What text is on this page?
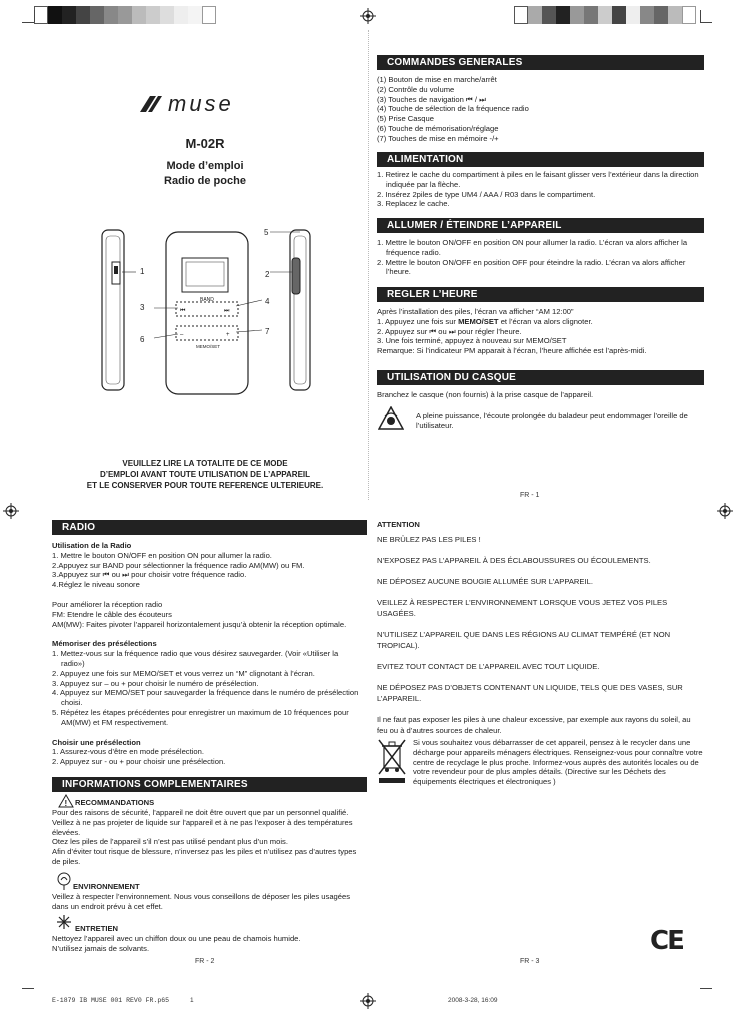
muse
M-02R
Mode d’emploi
Radio de poche
BAND
MEMO/SET
⏮	⏭
–	+
1	2
3
4
5
6
7
VEUILLEZ LIRE LA TOTALITE DE CE MODE
D’EMPLOI AVANT TOUTE UTILISATION DE L’APPAREIL
ET LE CONSERVER POUR TOUTE REFERENCE ULTERIEURE.
COMMANDES GENERALES

(1) Bouton de mise en marche/arrêt

(2) Contrôle du volume

(3) Touches de navigation ⏮ / ⏭

(4) Touche de sélection de la fréquence radio

(5) Prise Casque

(6) Touche de mémorisation/réglage

(7) Touches de mise en mémoire -/+

ALIMENTATION

1. Retirez le cache du compartiment à piles en le faisant glisser vers l’extérieur dans la direction indiquée par la flèche.

2. Insérez 2piles de type UM4 / AAA / R03 dans le compartiment.

3. Replacez le cache.

ALLUMER / ÉTEINDRE L’APPAREIL

1. Mettre le bouton ON/OFF en position ON pour allumer la radio. L’écran va alors afficher la fréquence radio.

2. Mettre le bouton ON/OFF en position OFF pour éteindre la radio. L’écran va alors afficher l’heure.

REGLER L’HEURE

Après l’installation des piles, l’écran va afficher “AM 12:00”

1. Appuyez une fois sur MEMO/SET et l’écran va alors clignoter.

2. Appuyez sur ⏮ ou ⏭ pour régler l’heure.

3. Une fois terminé, appuyez à nouveau sur MEMO/SET

Remarque: Si l’indicateur PM apparait à l’écran, l’heure affichée est l’après-midi.

UTILISATION DU CASQUE
Branchez le casque (non fournis) à la prise casque de l’appareil.
A pleine puissance, l’écoute prolongée du baladeur peut endommager l’oreille de l’utilisateur.
FR - 1
RADIO

Utilisation de la Radio

1. Mettre le bouton ON/OFF en position ON pour allumer la radio.

2.Appuyez sur BAND pour sélectionner la fréquence radio AM(MW) ou FM.

3.Appuyez sur ⏮ ou ⏭ pour choisir votre fréquence radio.

4.Réglez le niveau sonore

Pour améliorer la réception radio

FM: Etendre le câble des écouteurs

AM(MW): Faites pivoter l’appareil horizontalement jusqu’à obtenir la réception optimale.

Mémoriser des présélections

1. Mettez-vous sur la fréquence radio que vous désirez sauvegarder. (Voir «Utiliser la radio»)

2. Appuyez une fois sur MEMO/SET et vous verrez un “M” clignotant à l’écran.

3. Appuyez sur – ou + pour choisir le numéro de présélection.

4. Appuyez sur MEMO/SET pour sauvegarder la fréquence dans le numéro de présélection choisi.

5. Répétez les étapes précédentes pour enregistrer un maximum de 10 fréquences pour AM(MW) et FM respectivement.

Choisir une présélection

1. Assurez-vous d’être en mode présélection.

2. Appuyez sur - ou + pour choisir une présélection.

INFORMATIONS COMPLEMENTAIRES
! RECOMMANDATIONS

Pour des raisons de sécurité, l’appareil ne doit être ouvert que par un personnel qualifié.

Veillez à ne pas projeter de liquide sur l’appareil et à ne pas l’exposer à des températures élevées.

Otez les piles de l’appareil s’il n’est pas utilisé pendant plus d’un mois.

Afin d’éviter tout risque de blessure, n’inversez pas les piles et n’utilisez pas d’autres types de piles.

ENVIRONNEMENT
Veillez à respecter l’environnement. Nous vous conseillons de déposer les piles usagées dans un endroit prévu à cet effet.
ENTRETIEN

Nettoyez l’appareil avec un chiffon doux ou une peau de chamois humide.

N’utilisez jamais de solvants.

FR - 2
ATTENTION

NE BRÛLEZ PAS LES PILES !

N’EXPOSEZ PAS L’APPAREIL À DES ÉCLABOUSSURES OU ÉCOULEMENTS.

NE DÉPOSEZ AUCUNE BOUGIE ALLUMÉE SUR L’APPAREIL.

VEILLEZ À RESPECTER L’ENVIRONNEMENT LORSQUE VOUS JETEZ VOS PILES USAGÉES.

N’UTILISEZ L’APPAREIL QUE DANS LES RÉGIONS AU CLIMAT TEMPÉRÉ (ET NON TROPICAL).

EVITEZ TOUT CONTACT DE L’APPAREIL AVEC TOUT LIQUIDE.

NE DÉPOSEZ PAS D’OBJETS CONTENANT UN LIQUIDE, TELS QUE DES VASES, SUR L’APPAREIL.

Il ne faut pas exposer les piles à une chaleur excessive, par exemple aux rayons du soleil, au feu ou à d’autres sources de chaleur.

Si vous souhaitez vous débarrasser de cet appareil, pensez à le recycler dans une décharge pour appareils ménagers électriques. Renseignez-vous pour connaître votre centre de recyclage le plus proche. Informez-vous auprès des autorités locales ou de votre revendeur pour de plus amples détails. (Directive sur les Déchets des équipements électriques et électroniques )
CE
FR - 3
E-1879 IB MUSE 001 REV0 FR.p65	1	2008-3-28, 16:09
